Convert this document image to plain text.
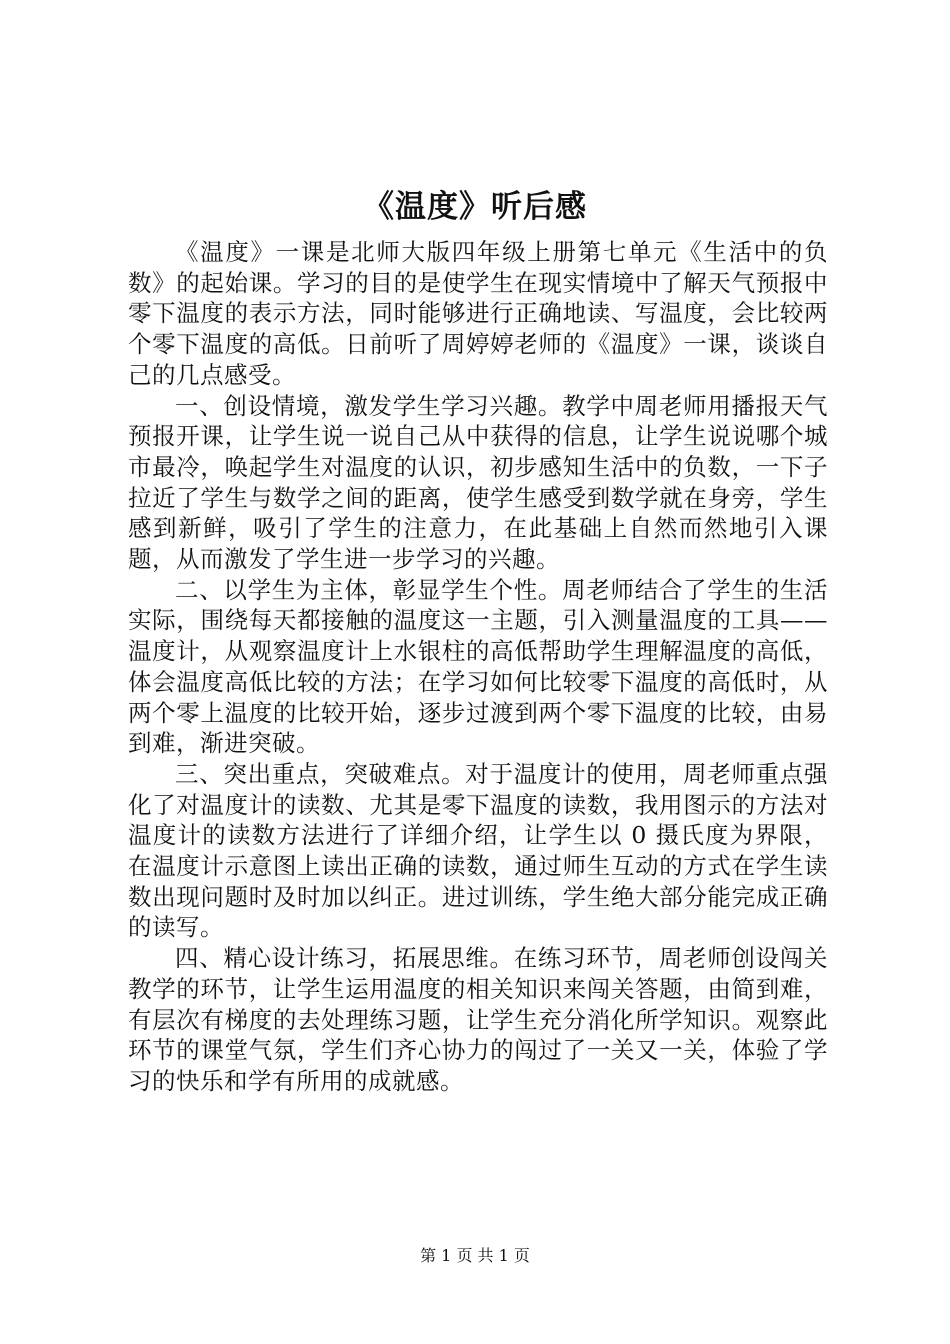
《温度》听后感

《温度》一课是北师大版四年级上册第七单元《生活中的负数》的起始课。学习的目的是使学生在现实情境中了解天气预报中零下温度的表示方法，同时能够进行正确地读、写温度，会比较两个零下温度的高低。日前听了周婷婷老师的《温度》一课，谈谈自己的几点感受。

一、创设情境，激发学生学习兴趣。教学中周老师用播报天气预报开课，让学生说一说自己从中获得的信息，让学生说说哪个城市最冷，唤起学生对温度的认识，初步感知生活中的负数，一下子拉近了学生与数学之间的距离，使学生感受到数学就在身旁，学生感到新鲜，吸引了学生的注意力，在此基础上自然而然地引入课题，从而激发了学生进一步学习的兴趣。

二、以学生为主体，彰显学生个性。周老师结合了学生的生活实际，围绕每天都接触的温度这一主题，引入测量温度的工具——温度计，从观察温度计上水银柱的高低帮助学生理解温度的高低，体会温度高低比较的方法；在学习如何比较零下温度的高低时，从两个零上温度的比较开始，逐步过渡到两个零下温度的比较，由易到难，渐进突破。

三、突出重点，突破难点。对于温度计的使用，周老师重点强化了对温度计的读数、尤其是零下温度的读数，我用图示的方法对温度计的读数方法进行了详细介绍，让学生以 0 摄氏度为界限，在温度计示意图上读出正确的读数，通过师生互动的方式在学生读数出现问题时及时加以纠正。进过训练，学生绝大部分能完成正确的读写。

四、精心设计练习，拓展思维。在练习环节，周老师创设闯关教学的环节，让学生运用温度的相关知识来闯关答题，由简到难，有层次有梯度的去处理练习题，让学生充分消化所学知识。观察此环节的课堂气氛，学生们齐心协力的闯过了一关又一关，体验了学习的快乐和学有所用的成就感。

第 1 页 共 1 页
